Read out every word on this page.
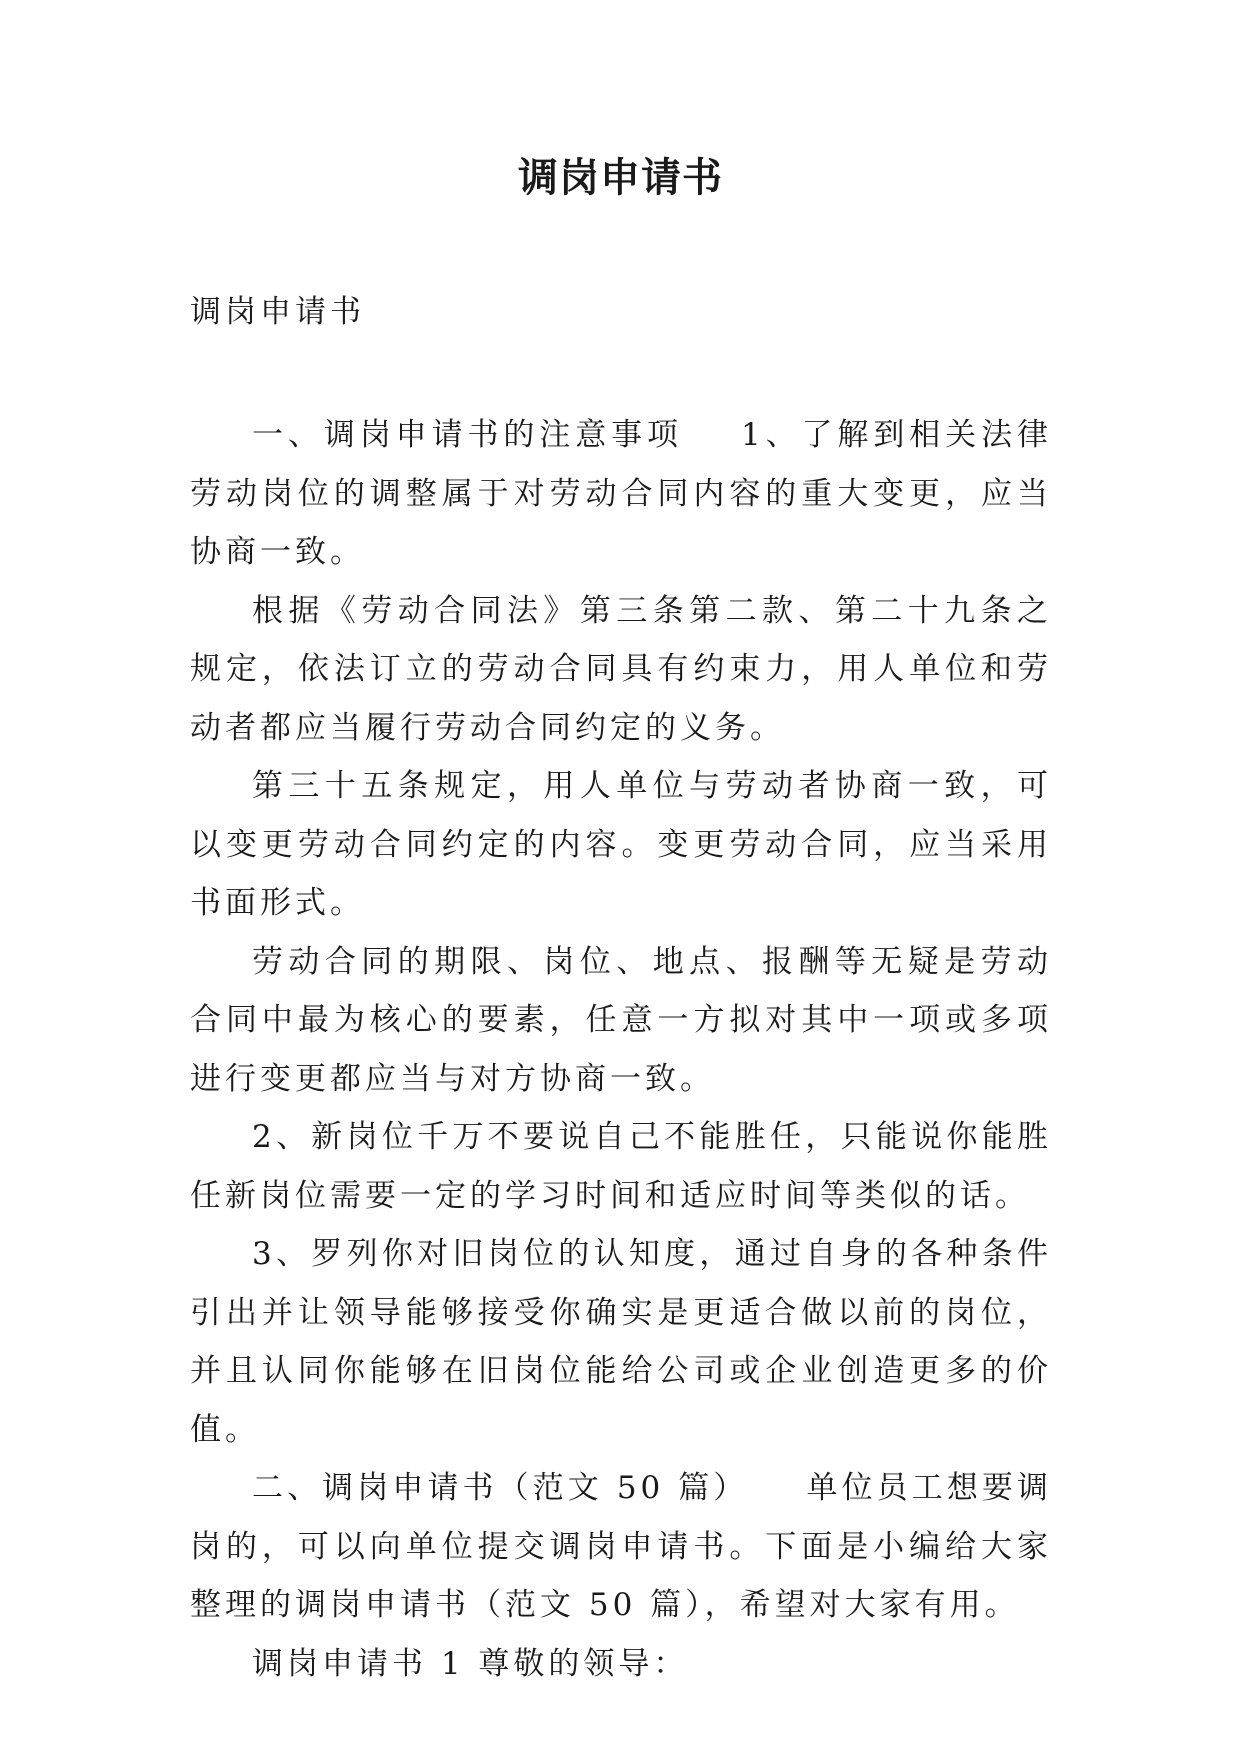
调岗申请书

调岗申请书

一、调岗申请书的注意事项 1、了解到相关法律劳动岗位的调整属于对劳动合同内容的重大变更，应当协商一致。

根据《劳动合同法》第三条第二款、第二十九条之规定，依法订立的劳动合同具有约束力，用人单位和劳动者都应当履行劳动合同约定的义务。

第三十五条规定，用人单位与劳动者协商一致，可以变更劳动合同约定的内容。变更劳动合同，应当采用书面形式。

劳动合同的期限、岗位、地点、报酬等无疑是劳动合同中最为核心的要素，任意一方拟对其中一项或多项进行变更都应当与对方协商一致。

2、新岗位千万不要说自己不能胜任，只能说你能胜任新岗位需要一定的学习时间和适应时间等类似的话。

3、罗列你对旧岗位的认知度，通过自身的各种条件引出并让领导能够接受你确实是更适合做以前的岗位，并且认同你能够在旧岗位能给公司或企业创造更多的价值。

二、调岗申请书（范文 50 篇） 单位员工想要调岗的，可以向单位提交调岗申请书。下面是小编给大家整理的调岗申请书（范文 50 篇），希望对大家有用。

调岗申请书 1 尊敬的领导：
